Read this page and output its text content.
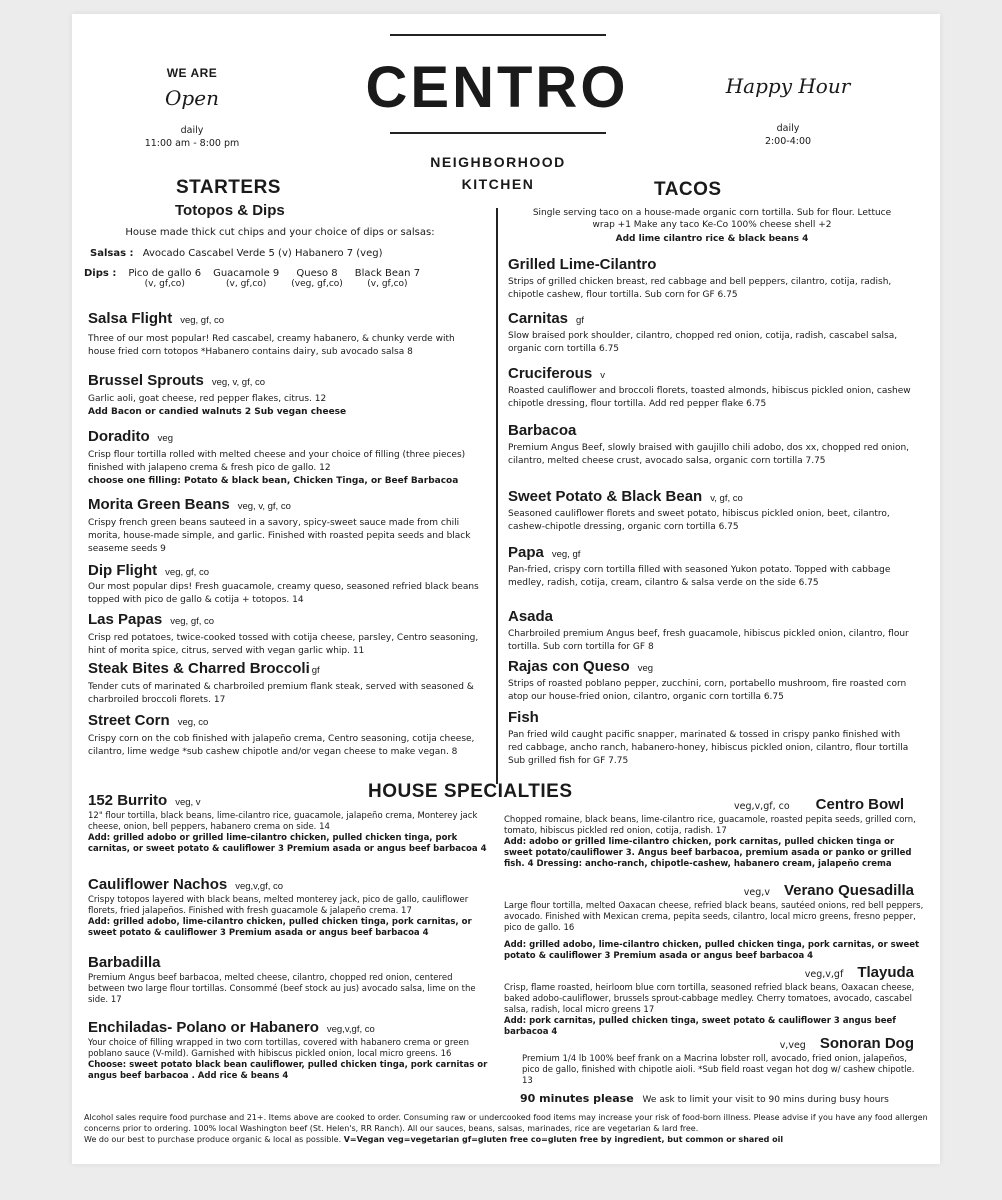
WE ARE
Open
daily
11:00 am - 8:00 pm
CENTRO
NEIGHBORHOOD
KITCHEN
Happy Hour
daily
2:00-4:00
STARTERS
Totopos & Dips
House made thick cut chips and your choice of dips or salsas:
Salsas : Avocado Cascabel Verde 5 (v) Habanero 7 (veg)
Dips :	Pico de gallo 6	Guacamole 9	Queso 8	Black Bean 7
	(v, gf,co)	(v, gf,co)	(veg, gf,co)	(v, gf,co)
Salsa Flight veg, gf, co
Three of our most popular! Red cascabel, creamy habanero, & chunky verde with house fried corn totopos *Habanero contains dairy, sub avocado salsa 8
Brussel Sprouts veg, v, gf, co
Garlic aoli, goat cheese, red pepper flakes, citrus. 12
Add Bacon or candied walnuts 2 Sub vegan cheese
Doradito veg
Crisp flour tortilla rolled with melted cheese and your choice of filling (three pieces) finished with jalapeno crema & fresh pico de gallo. 12
choose one filling: Potato & black bean, Chicken Tinga, or Beef Barbacoa
Morita Green Beans veg, v, gf, co
Crispy french green beans sauteed in a savory, spicy-sweet sauce made from chili morita, house-made simple, and garlic. Finished with roasted pepita seeds and black seaseme seeds 9
Dip Flight veg, gf, co
Our most popular dips! Fresh guacamole, creamy queso, seasoned refried black beans topped with pico de gallo & cotija + totopos. 14
Las Papas veg, gf, co
Crisp red potatoes, twice-cooked tossed with cotija cheese, parsley, Centro seasoning, hint of morita spice, citrus, served with vegan garlic whip. 11
Steak Bites & Charred Broccoli gf
Tender cuts of marinated & charbroiled premium flank steak, served with seasoned & charbroiled broccoli florets. 17
Street Corn veg, co
Crispy corn on the cob finished with jalapeño crema, Centro seasoning, cotija cheese, cilantro, lime wedge *sub cashew chipotle and/or vegan cheese to make vegan. 8
TACOS
Single serving taco on a house-made organic corn tortilla. Sub for flour. Lettuce wrap +1 Make any taco Ke-Co 100% cheese shell +2
Add lime cilantro rice & black beans 4
Grilled Lime-Cilantro
Strips of grilled chicken breast, red cabbage and bell peppers, cilantro, cotija, radish, chipotle cashew, flour tortilla. Sub corn for GF 6.75
Carnitas gf
Slow braised pork shoulder, cilantro, chopped red onion, cotija, radish, cascabel salsa, organic corn tortilla 6.75
Cruciferous v
Roasted cauliflower and broccoli florets, toasted almonds, hibiscus pickled onion, cashew chipotle dressing, flour tortilla. Add red pepper flake 6.75
Barbacoa
Premium Angus Beef, slowly braised with gaujillo chili adobo, dos xx, chopped red onion, cilantro, melted cheese crust, avocado salsa, organic corn tortilla 7.75
Sweet Potato & Black Bean v, gf, co
Seasoned cauliflower florets and sweet potato, hibiscus pickled onion, beet, cilantro, cashew-chipotle dressing, organic corn tortilla 6.75
Papa veg, gf
Pan-fried, crispy corn tortilla filled with seasoned Yukon potato. Topped with cabbage medley, radish, cotija, cream, cilantro & salsa verde on the side 6.75
Asada
Charbroiled premium Angus beef, fresh guacamole, hibiscus pickled onion, cilantro, flour tortilla. Sub corn tortilla for GF 8
Rajas con Queso veg
Strips of roasted poblano pepper, zucchini, corn, portabello mushroom, fire roasted corn atop our house-fried onion, cilantro, organic corn tortilla 6.75
Fish
Pan fried wild caught pacific snapper, marinated & tossed in crispy panko finished with red cabbage, ancho ranch, habanero-honey, hibiscus pickled onion, cilantro, flour tortilla Sub grilled fish for GF 7.75
HOUSE SPECIALTIES
152 Burrito veg, v
12" flour tortilla, black beans, lime-cilantro rice, guacamole, jalapeño crema, Monterey jack cheese, onion, bell peppers, habanero crema on side. 14
Add: grilled adobo or grilled lime-cilantro chicken, pulled chicken tinga, pork carnitas, or sweet potato & cauliflower 3 Premium asada or angus beef barbacoa 4
Cauliflower Nachos veg,v,gf, co
Crispy totopos layered with black beans, melted monterey jack, pico de gallo, cauliflower florets, fried jalapeños. Finished with fresh guacamole & jalapeño crema. 17
Add: grilled adobo, lime-cilantro chicken, pulled chicken tinga, pork carnitas, or sweet potato & cauliflower 3 Premium asada or angus beef barbacoa 4
Barbadilla
Premium Angus beef barbacoa, melted cheese, cilantro, chopped red onion, centered between two large flour tortillas. Consommé (beef stock au jus) avocado salsa, lime on the side. 17
Enchiladas- Polano or Habanero veg,v,gf, co
Your choice of filling wrapped in two corn tortillas, covered with habanero crema or green poblano sauce (V-mild). Garnished with hibiscus pickled onion, local micro greens. 16
Choose: sweet potato black bean cauliflower, pulled chicken tinga, pork carnitas or angus beef barbacoa . Add rice & beans 4
veg,v,gf, co Centro Bowl
Chopped romaine, black beans, lime-cilantro rice, guacamole, roasted pepita seeds, grilled corn, tomato, hibiscus pickled red onion, cotija, radish. 17
Add: adobo or grilled lime-cilantro chicken, pork carnitas, pulled chicken tinga or sweet potato/cauliflower 3. Angus beef barbacoa, premium asada or panko or grilled fish. 4 Dressing: ancho-ranch, chipotle-cashew, habanero cream, jalapeño crema
veg,v Verano Quesadilla
Large flour tortilla, melted Oaxacan cheese, refried black beans, sautéed onions, red bell peppers, avocado. Finished with Mexican crema, pepita seeds, cilantro, local micro greens, fresno pepper, pico de gallo. 16
Add: grilled adobo, lime-cilantro chicken, pulled chicken tinga, pork carnitas, or sweet potato & cauliflower 3 Premium asada or angus beef barbacoa 4
veg,v,gf Tlayuda
Crisp, flame roasted, heirloom blue corn tortilla, seasoned refried black beans, Oaxacan cheese, baked adobo-cauliflower, brussels sprout-cabbage medley. Cherry tomatoes, avocado, cascabel salsa, radish, local micro greens 17
Add: pork carnitas, pulled chicken tinga, sweet potato & cauliflower 3 angus beef barbacoa 4
v,veg Sonoran Dog
Premium 1/4 lb 100% beef frank on a Macrina lobster roll, avocado, fried onion, jalapeños, pico de gallo, finished with chipotle aioli. *Sub field roast vegan hot dog w/ cashew chipotle. 13
90 minutes please We ask to limit your visit to 90 mins during busy hours
Alcohol sales require food purchase and 21+. Items above are cooked to order. Consuming raw or undercooked food items may increase your risk of food-born illness. Please advise if you have any food allergen concerns prior to ordering. 100% local Washington beef (St. Helen's, RR Ranch). All our sauces, beans, salsas, marinades, rice are vegetarian & lard free.
We do our best to purchase produce organic & local as possible. V=Vegan veg=vegetarian gf=gluten free co=gluten free by ingredient, but common or shared oil
